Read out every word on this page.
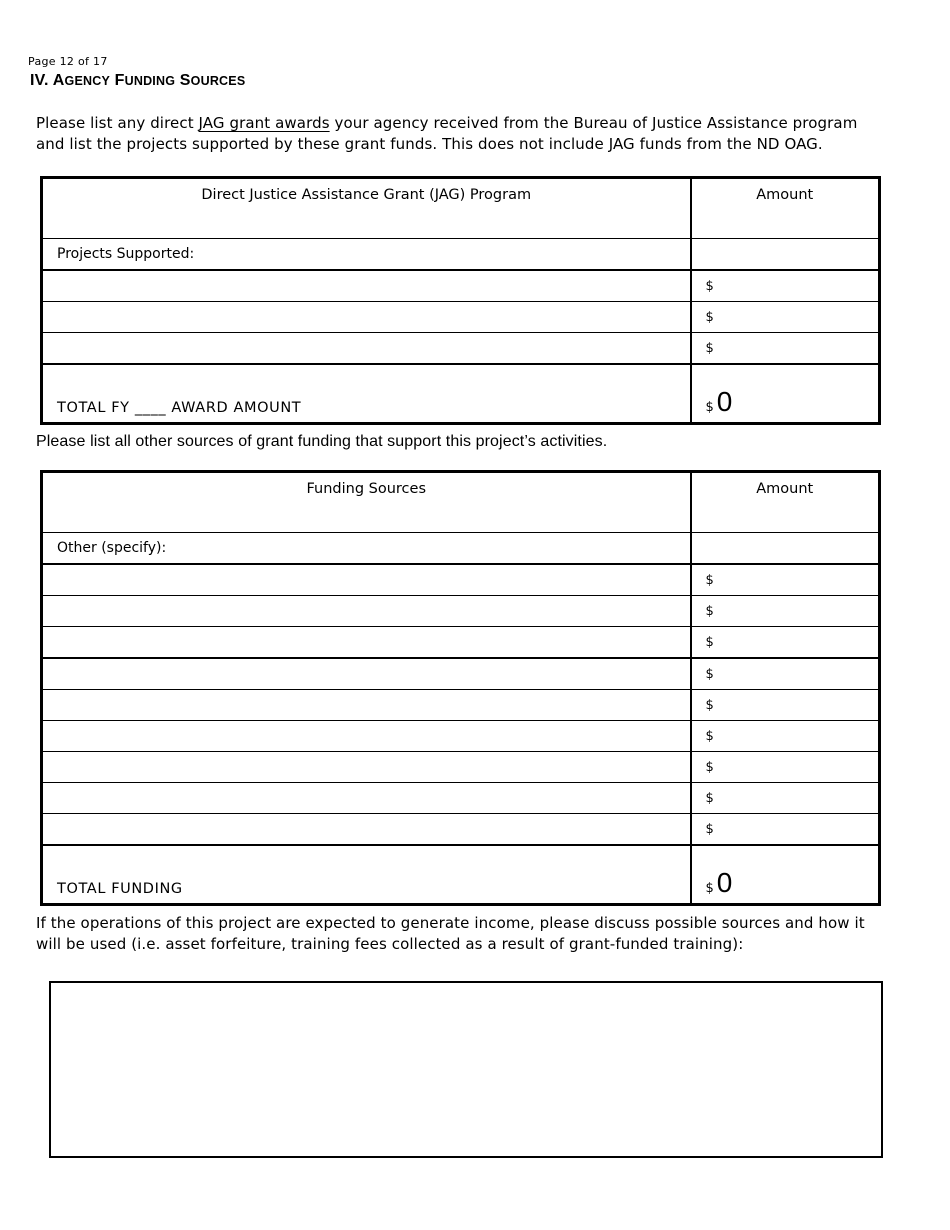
Page 12 of 17
IV. AGENCY FUNDING SOURCES
Please list any direct JAG grant awards your agency received from the Bureau of Justice Assistance program
and list the projects supported by these grant funds. This does not include JAG funds from the ND OAG.
Direct Justice Assistance Grant (JAG) Program	Amount
Projects Supported:	
	$
	$
	$
TOTAL FY ____ AWARD AMOUNT	$ 0
Please list all other sources of grant funding that support this project’s activities.
Funding Sources	Amount
Other (specify):	
	$
	$
	$
	$
	$
	$
	$
	$
	$
TOTAL FUNDING	$ 0
If the operations of this project are expected to generate income, please discuss possible sources and how it
will be used (i.e. asset forfeiture, training fees collected as a result of grant-funded training):
